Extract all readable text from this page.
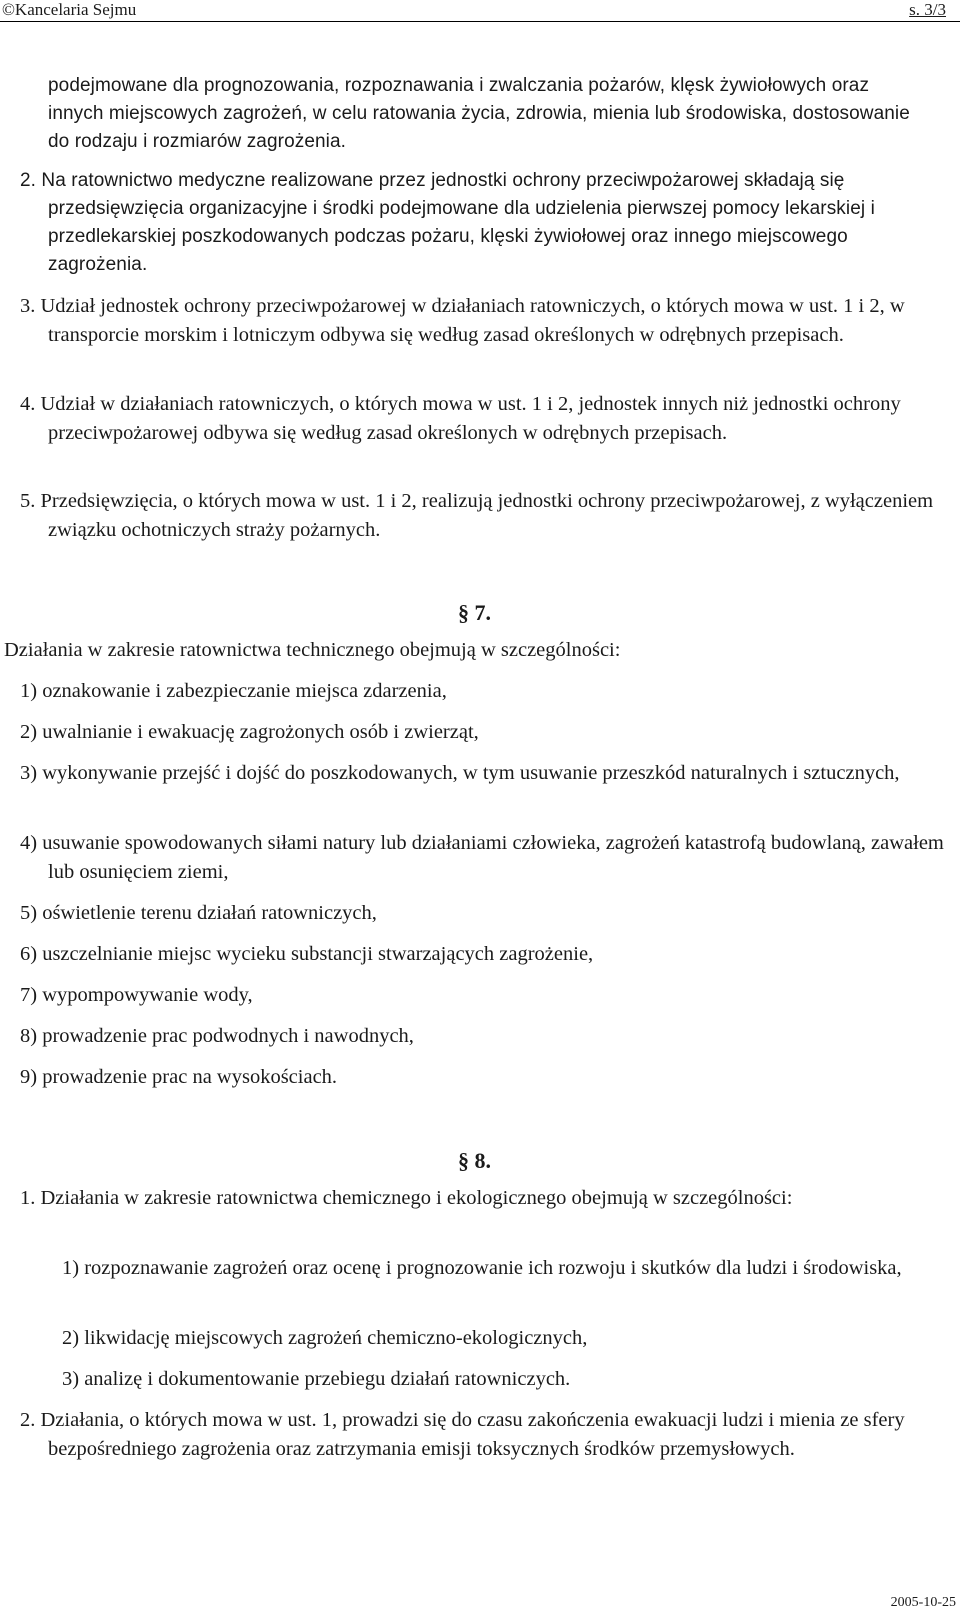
©Kancelaria Sejmu	s. 3/3

podejmowane dla prognozowania, rozpoznawania i zwalczania pożarów, klęsk żywiołowych oraz innych miejscowych zagrożeń, w celu ratowania życia, zdrowia, mienia lub środowiska, dostosowanie do rodzaju i rozmiarów zagrożenia.

2. Na ratownictwo medyczne realizowane przez jednostki ochrony przeciwpożarowej składają się przedsięwzięcia organizacyjne i środki podejmowane dla udzielenia pierwszej pomocy lekarskiej i przedlekarskiej poszkodowanych podczas pożaru, klęski żywiołowej oraz innego miejscowego zagrożenia.

3. Udział jednostek ochrony przeciwpożarowej w działaniach ratowniczych, o których mowa w ust. 1 i 2, w transporcie morskim i lotniczym odbywa się według zasad określonych w odrębnych przepisach.

4. Udział w działaniach ratowniczych, o których mowa w ust. 1 i 2, jednostek innych niż jednostki ochrony przeciwpożarowej odbywa się według zasad określonych w odrębnych przepisach.

5. Przedsięwzięcia, o których mowa w ust. 1 i 2, realizują jednostki ochrony przeciwpożarowej, z wyłączeniem związku ochotniczych straży pożarnych.

§ 7.

Działania w zakresie ratownictwa technicznego obejmują w szczególności:

1) oznakowanie i zabezpieczanie miejsca zdarzenia,

2) uwalnianie i ewakuację zagrożonych osób i zwierząt,

3) wykonywanie przejść i dojść do poszkodowanych, w tym usuwanie przeszkód naturalnych i sztucznych,

4) usuwanie spowodowanych siłami natury lub działaniami człowieka, zagrożeń katastrofą budowlaną, zawałem lub osunięciem ziemi,

5) oświetlenie terenu działań ratowniczych,

6) uszczelnianie miejsc wycieku substancji stwarzających zagrożenie,

7) wypompowywanie wody,

8) prowadzenie prac podwodnych i nawodnych,

9) prowadzenie prac na wysokościach.

§ 8.

1. Działania w zakresie ratownictwa chemicznego i ekologicznego obejmują w szczególności:

1) rozpoznawanie zagrożeń oraz ocenę i prognozowanie ich rozwoju i skutków dla ludzi i środowiska,

2) likwidację miejscowych zagrożeń chemiczno-ekologicznych,

3) analizę i dokumentowanie przebiegu działań ratowniczych.

2. Działania, o których mowa w ust. 1, prowadzi się do czasu zakończenia ewakuacji ludzi i mienia ze sfery bezpośredniego zagrożenia oraz zatrzymania emisji toksycznych środków przemysłowych.

2005-10-25
